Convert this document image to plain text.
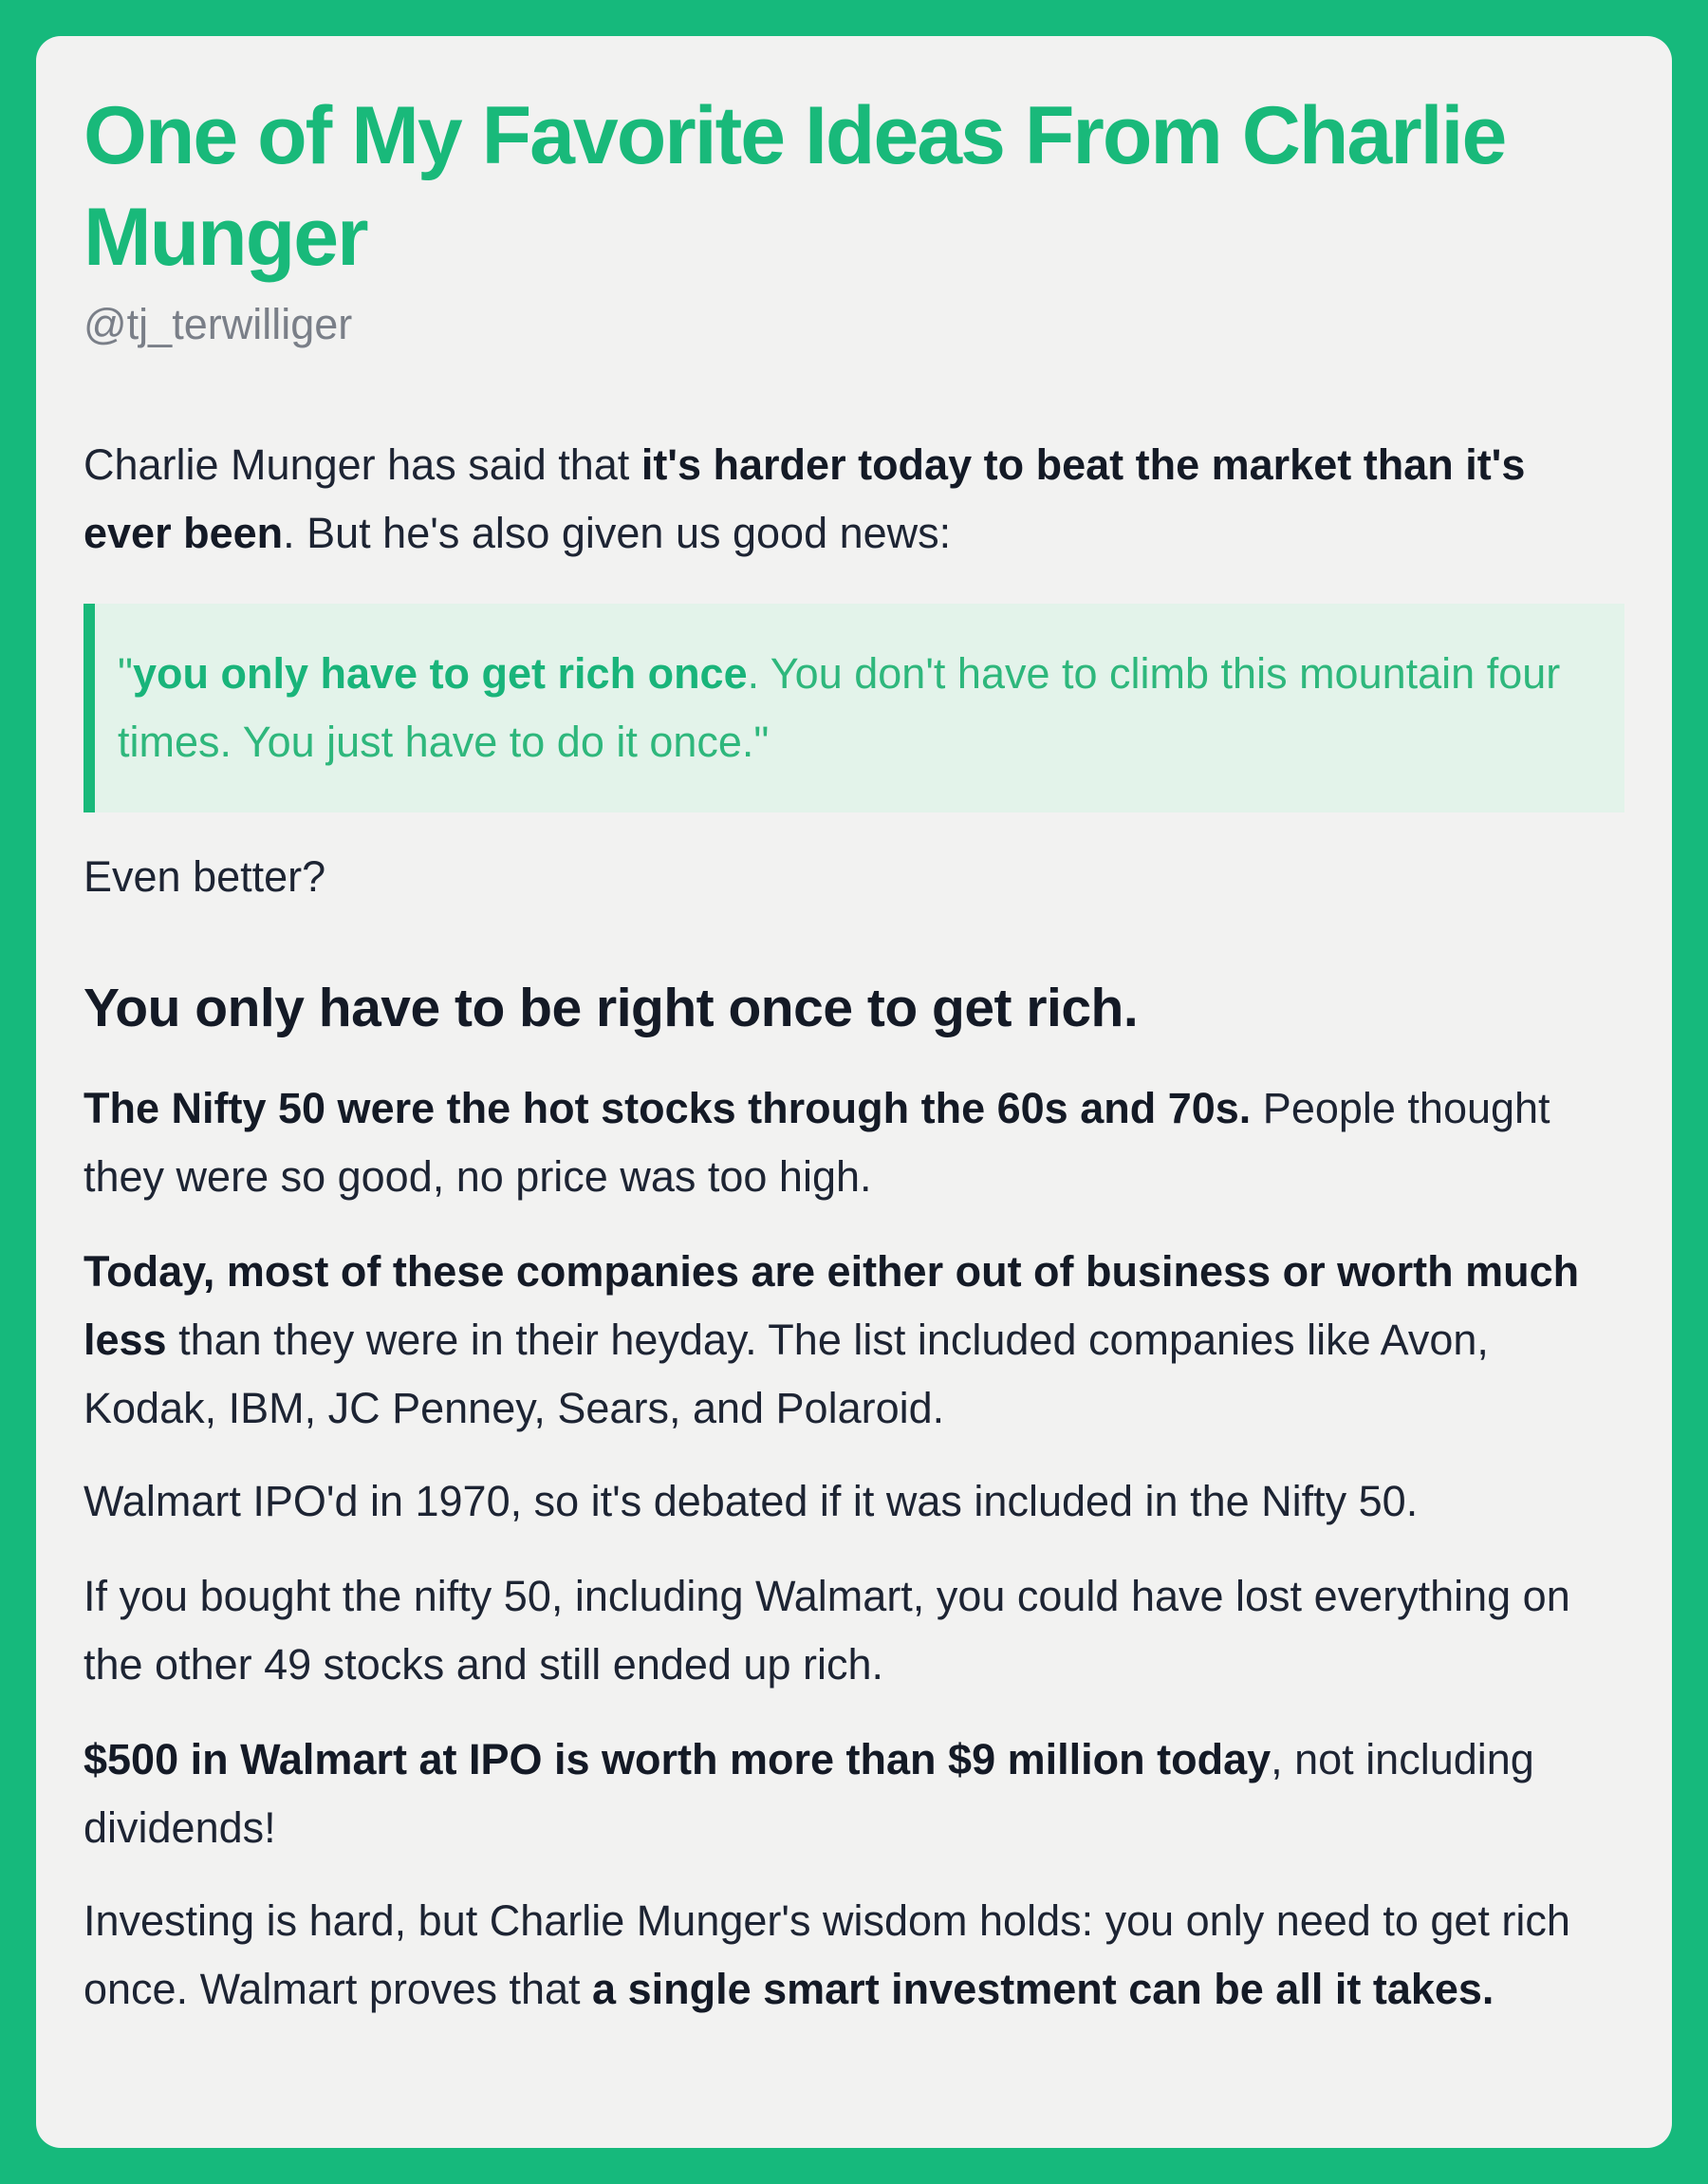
One of My Favorite Ideas From Charlie Munger
@tj_terwilliger

Charlie Munger has said that it's harder today to beat the market than it's ever been. But he's also given us good news:

"you only have to get rich once. You don't have to climb this mountain four times. You just have to do it once."

Even better?

You only have to be right once to get rich.

The Nifty 50 were the hot stocks through the 60s and 70s. People thought they were so good, no price was too high.

Today, most of these companies are either out of business or worth much less than they were in their heyday. The list included companies like Avon, Kodak, IBM, JC Penney, Sears, and Polaroid.

Walmart IPO'd in 1970, so it's debated if it was included in the Nifty 50.

If you bought the nifty 50, including Walmart, you could have lost everything on the other 49 stocks and still ended up rich.

$500 in Walmart at IPO is worth more than $9 million today, not including dividends!

Investing is hard, but Charlie Munger's wisdom holds: you only need to get rich once. Walmart proves that a single smart investment can be all it takes.
